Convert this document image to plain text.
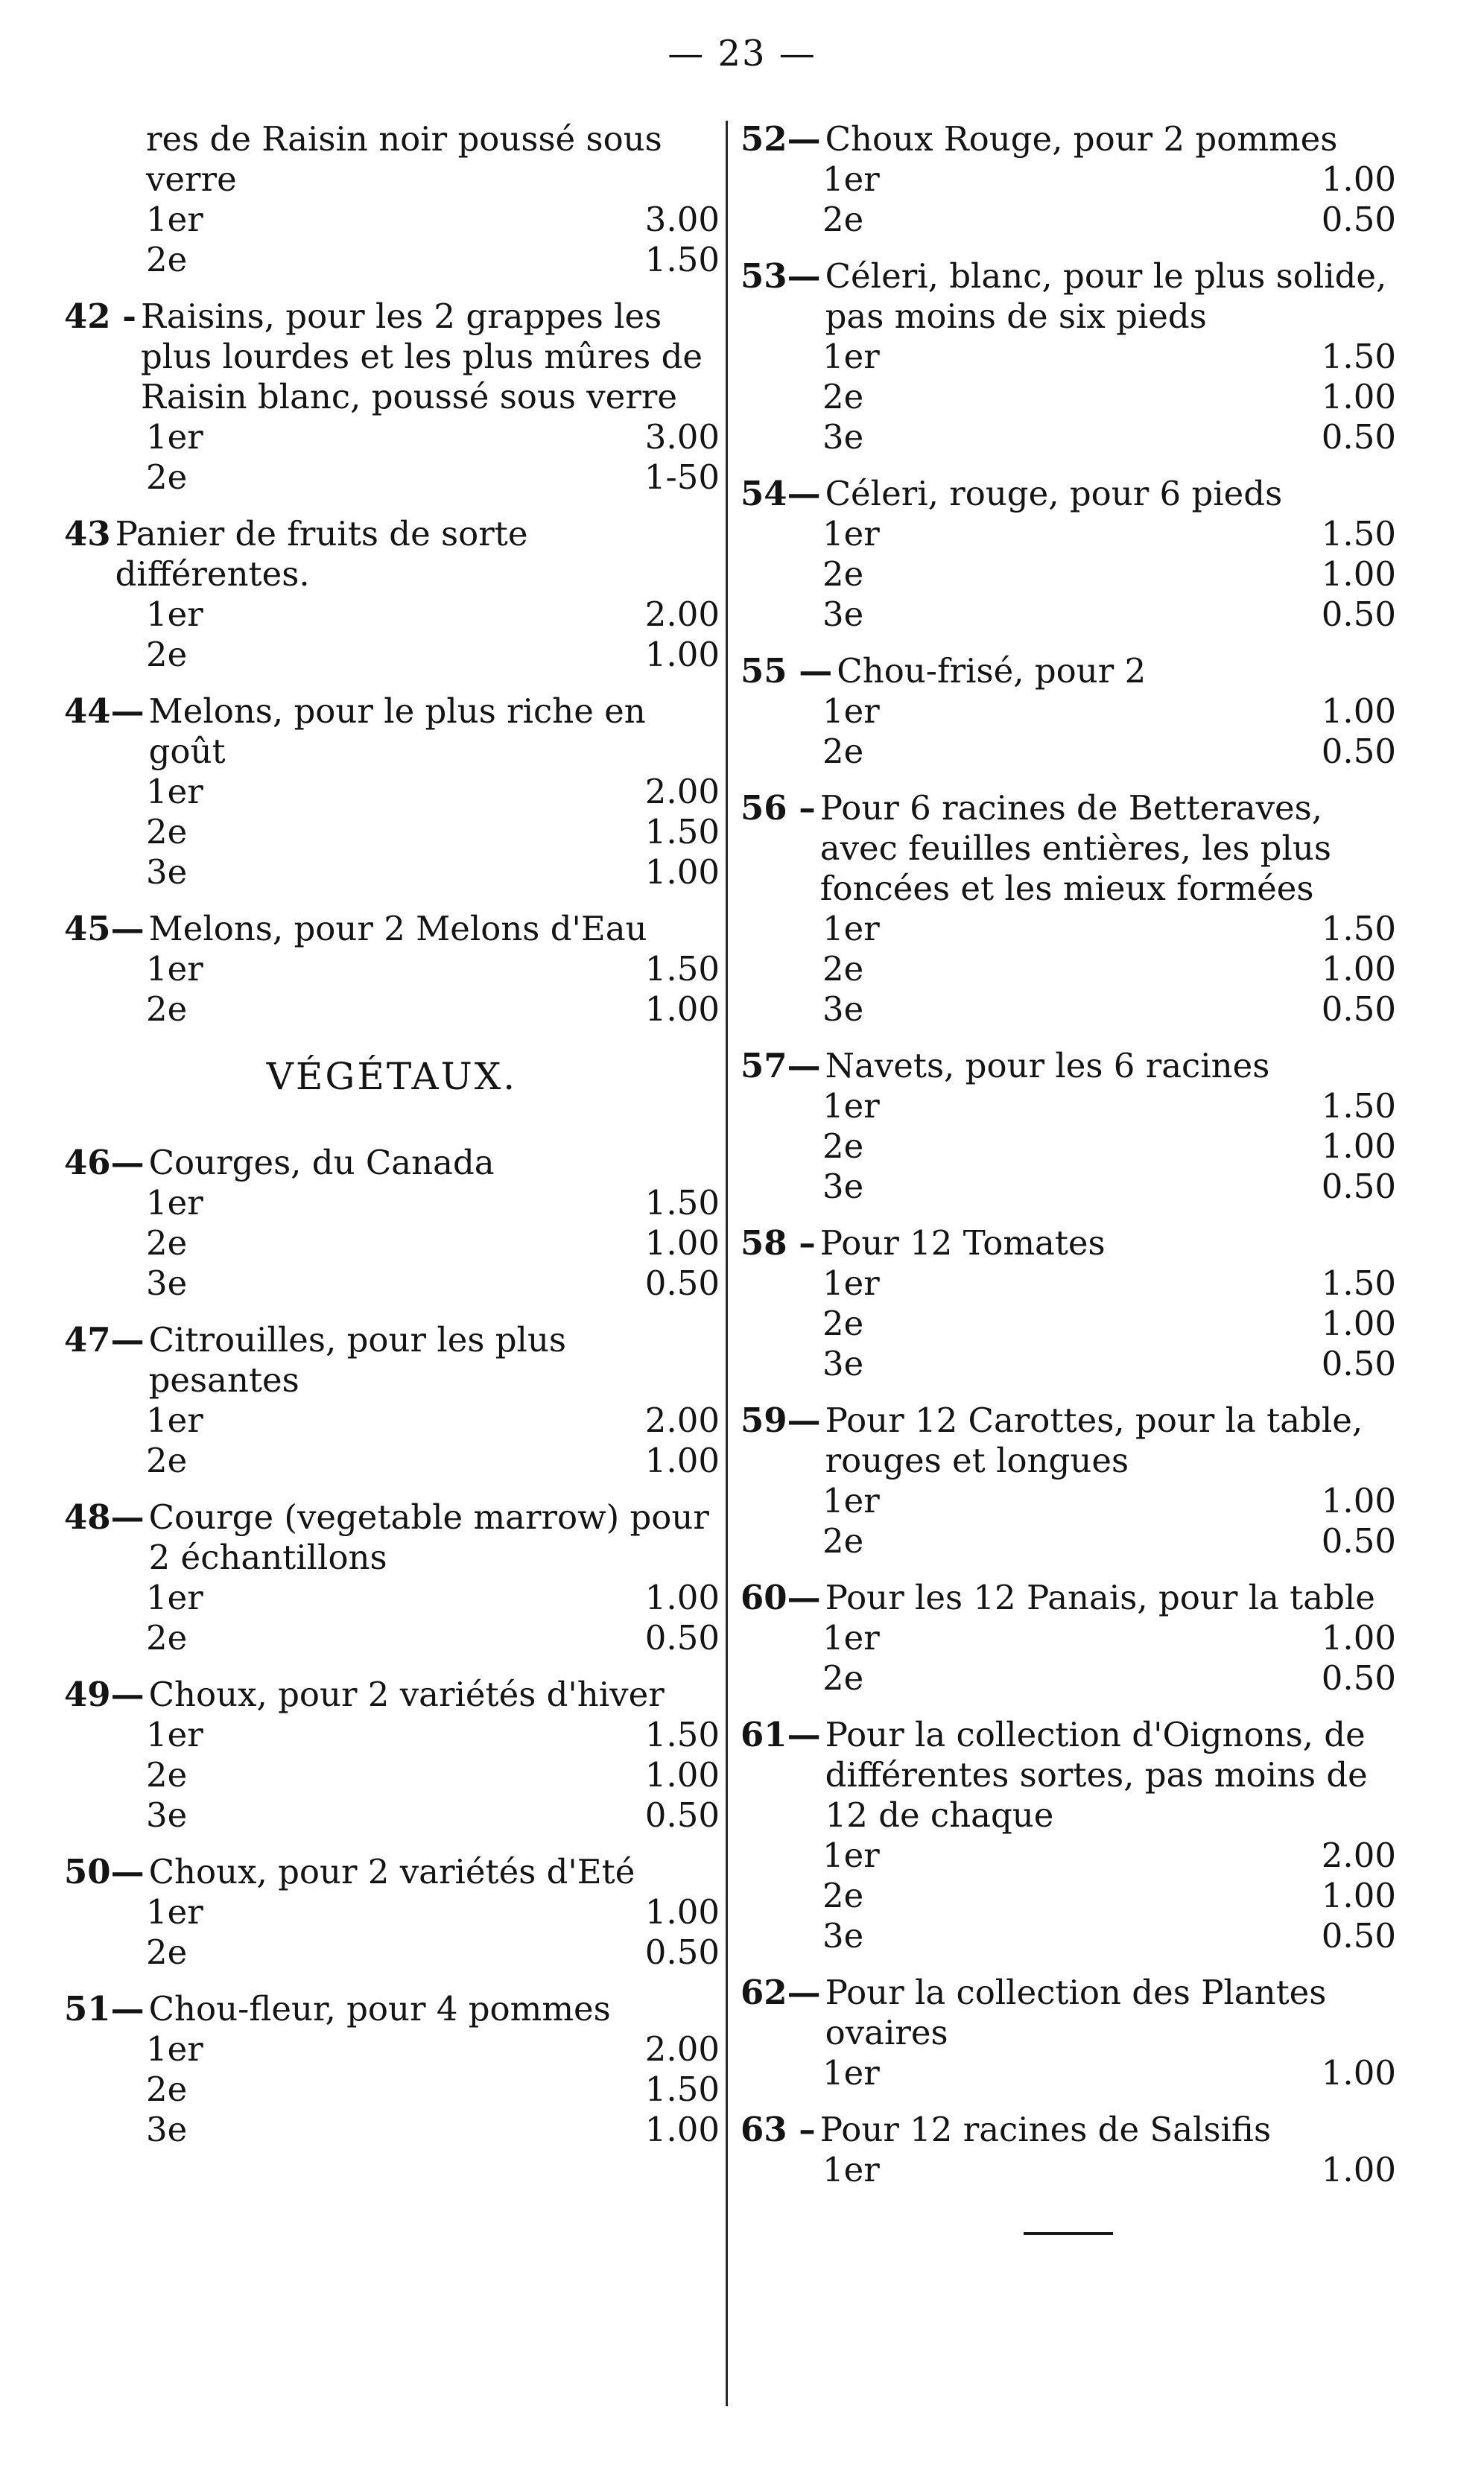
— 23 —
res de Raisin noir poussé sous verre
1er	3.00
2e	1.50
42 - Raisins, pour les 2 grappes les plus lourdes et les plus mûres de Raisin blanc, poussé sous verre
1er	3.00
2e	1-50
43 Panier de fruits de sorte différentes.
1er	2.00
2e	1.00
44— Melons, pour le plus riche en goût
1er	2.00
2e	1.50
3e	1.00
45— Melons, pour 2 Melons d'Eau
1er	1.50
2e	1.00
VÉGÉTAUX.
46— Courges, du Canada
1er	1.50
2e	1.00
3e	0.50
47— Citrouilles, pour les plus pesantes
1er	2.00
2e	1.00
48— Courge (vegetable marrow) pour 2 échantillons
1er	1.00
2e	0.50
49— Choux, pour 2 variétés d'hiver
1er	1.50
2e	1.00
3e	0.50
50— Choux, pour 2 variétés d'Eté
1er	1.00
2e	0.50
51— Chou-fleur, pour 4 pommes
1er	2.00
2e	1.50
3e	1.00
52— Choux Rouge, pour 2 pommes
1er	1.00
2e	0.50
53— Céleri, blanc, pour le plus solide, pas moins de six pieds
1er	1.50
2e	1.00
3e	0.50
54— Céleri, rouge, pour 6 pieds
1er	1.50
2e	1.00
3e	0.50
55 — Chou-frisé, pour 2
1er	1.00
2e	0.50
56 – Pour 6 racines de Betteraves, avec feuilles entières, les plus foncées et les mieux formées
1er	1.50
2e	1.00
3e	0.50
57— Navets, pour les 6 racines
1er	1.50
2e	1.00
3e	0.50
58 – Pour 12 Tomates
1er	1.50
2e	1.00
3e	0.50
59— Pour 12 Carottes, pour la table, rouges et longues
1er	1.00
2e	0.50
60— Pour les 12 Panais, pour la table
1er	1.00
2e	0.50
61— Pour la collection d'Oignons, de différentes sortes, pas moins de 12 de chaque
1er	2.00
2e	1.00
3e	0.50
62— Pour la collection des Plantes ovaires
1er	1.00
63 – Pour 12 racines de Salsifis
1er	1.00
